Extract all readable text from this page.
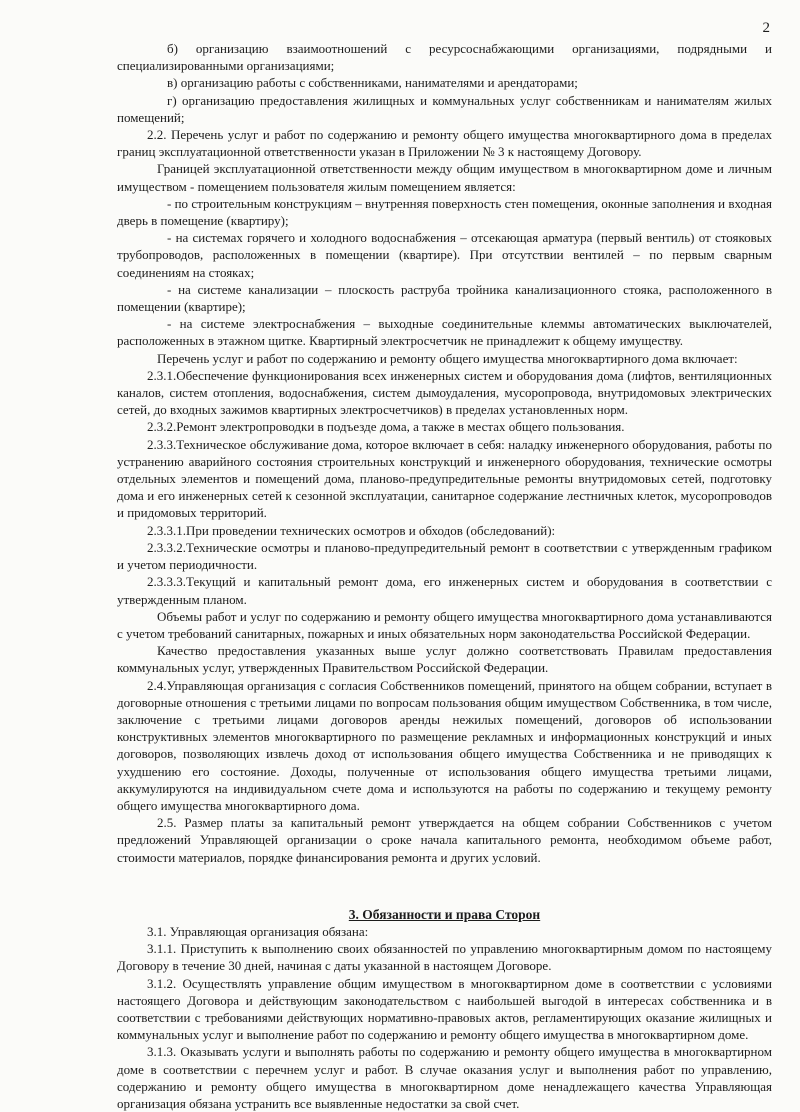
2

б) организацию взаимоотношений с ресурсоснабжающими организациями, подрядными и специализированными организациями;

в) организацию работы с собственниками, нанимателями и арендаторами;

г) организацию предоставления жилищных и коммунальных услуг собственникам и нанимателям жилых помещений;

2.2. Перечень услуг и работ по содержанию и ремонту общего имущества многоквартирного дома в пределах границ эксплуатационной ответственности указан в Приложении № 3 к настоящему Договору.

Границей эксплуатационной ответственности между общим имуществом в многоквартирном доме и личным имуществом - помещением пользователя жилым помещением является:

- по строительным конструкциям – внутренняя поверхность стен помещения, оконные заполнения и входная дверь в помещение (квартиру);

- на системах горячего и холодного водоснабжения – отсекающая арматура (первый вентиль) от стояковых трубопроводов, расположенных в помещении (квартире). При отсутствии вентилей – по первым сварным соединениям на стояках;

- на системе канализации – плоскость раструба тройника канализационного стояка, расположенного в помещении (квартире);

- на системе электроснабжения – выходные соединительные клеммы автоматических выключателей, расположенных в этажном щитке. Квартирный электросчетчик не принадлежит к общему имуществу.

Перечень услуг и работ по содержанию и ремонту общего имущества многоквартирного дома включает:

2.3.1.Обеспечение функционирования всех инженерных систем и оборудования дома (лифтов, вентиляционных каналов, систем отопления, водоснабжения, систем дымоудаления, мусоропровода, внутридомовых электрических сетей, до входных зажимов квартирных электросчетчиков) в пределах установленных норм.

2.3.2.Ремонт электропроводки в подъезде дома, а также в местах общего пользования.

2.3.3.Техническое обслуживание дома, которое включает в себя: наладку инженерного оборудования, работы по устранению аварийного состояния строительных конструкций и инженерного оборудования, технические осмотры отдельных элементов и помещений дома, планово-предупредительные ремонты внутридомовых сетей, подготовку дома и его инженерных сетей к сезонной эксплуатации, санитарное содержание лестничных клеток, мусоропроводов и придомовых территорий.

2.3.3.1.При проведении технических осмотров и обходов (обследований):

2.3.3.2.Технические осмотры и планово-предупредительный ремонт в соответствии с утвержденным графиком и учетом периодичности.

2.3.3.3.Текущий и капитальный ремонт дома, его инженерных систем и оборудования в соответствии с утвержденным планом.

Объемы работ и услуг по содержанию и ремонту общего имущества многоквартирного дома устанавливаются с учетом требований санитарных, пожарных и иных обязательных норм законодательства Российской Федерации.

Качество предоставления указанных выше услуг должно соответствовать Правилам предоставления коммунальных услуг, утвержденных Правительством Российской Федерации.

2.4.Управляющая организация с согласия Собственников помещений, принятого на общем собрании, вступает в договорные отношения с третьими лицами по вопросам пользования общим имуществом Собственника, в том числе, заключение с третьими лицами договоров аренды нежилых помещений, договоров об использовании конструктивных элементов многоквартирного по размещение рекламных и информационных конструкций и иных договоров, позволяющих извлечь доход от использования общего имущества Собственника и не приводящих к ухудшению его состояние. Доходы, полученные от использования общего имущества третьими лицами, аккумулируются на индивидуальном счете дома и используются на работы по содержанию и текущему ремонту общего имущества многоквартирного дома.

2.5. Размер платы за капитальный ремонт утверждается на общем собрании Собственников с учетом предложений Управляющей организации о сроке начала капитального ремонта, необходимом объеме работ, стоимости материалов, порядке финансирования ремонта и других условий.

3. Обязанности и права Сторон

3.1. Управляющая организация обязана:

3.1.1. Приступить к выполнению своих обязанностей по управлению многоквартирным домом по настоящему Договору в течение 30 дней, начиная с даты указанной в настоящем Договоре.

3.1.2. Осуществлять управление общим имуществом в многоквартирном доме в соответствии с условиями настоящего Договора и действующим законодательством с наибольшей выгодой в интересах собственника и в соответствии с требованиями действующих нормативно-правовых актов, регламентирующих оказание жилищных и коммунальных услуг и выполнение работ по содержанию и ремонту общего имущества в многоквартирном доме.

3.1.3. Оказывать услуги и выполнять работы по содержанию и ремонту общего имущества в многоквартирном доме в соответствии с перечнем услуг и работ. В случае оказания услуг и выполнения работ по управлению, содержанию и ремонту общего имущества в многоквартирном доме ненадлежащего качества Управляющая организация обязана устранить все выявленные недостатки за свой счет.
